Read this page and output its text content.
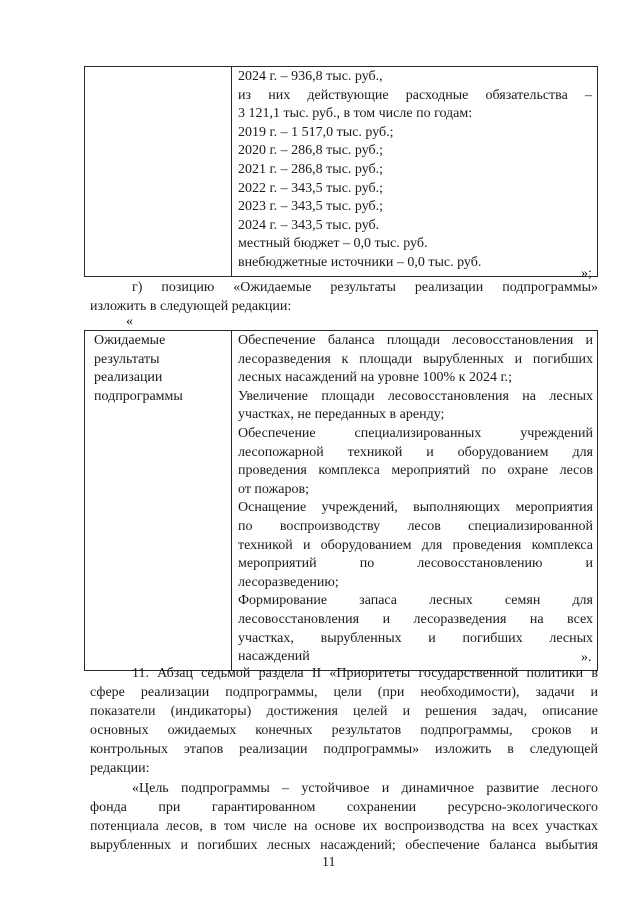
2024 г. – 936,8 тыс. руб.,
из них действующие расходные обязательства –
3 121,1 тыс. руб., в том числе по годам:
2019 г. – 1 517,0 тыс. руб.;
2020 г. – 286,8 тыс. руб.;
2021 г. – 286,8 тыс. руб.;
2022 г. – 343,5 тыс. руб.;
2023 г. – 343,5 тыс. руб.;
2024 г. – 343,5 тыс. руб.
местный бюджет – 0,0 тыс. руб.
внебюджетные источники – 0,0 тыс. руб.
»;
г) позицию «Ожидаемые результаты реализации подпрограммы»
изложить в следующей редакции:
«
Ожидаемые
результаты
реализации
подпрограммы

Обеспечение баланса площади лесовосстановления и
лесоразведения к площади вырубленных и погибших
лесных насаждений на уровне 100% к 2024 г.;
Увеличение площади лесовосстановления на лесных
участках, не переданных в аренду;
Обеспечение специализированных учреждений
лесопожарной техникой и оборудованием для
проведения комплекса мероприятий по охране лесов
от пожаров;
Оснащение учреждений, выполняющих мероприятия
по воспроизводству лесов специализированной
техникой и оборудованием для проведения комплекса
мероприятий по лесовосстановлению и
лесоразведению;
Формирование запаса лесных семян для
лесовосстановления и лесоразведения на всех
участках, вырубленных и погибших лесных
насаждений	».
11. Абзац седьмой раздела II «Приоритеты государственной политики в
сфере реализации подпрограммы, цели (при необходимости), задачи и
показатели (индикаторы) достижения целей и решения задач, описание
основных ожидаемых конечных результатов подпрограммы, сроков и
контрольных этапов реализации подпрограммы» изложить в следующей
редакции:
«Цель подпрограммы – устойчивое и динамичное развитие лесного
фонда при гарантированном сохранении ресурсно-экологического
потенциала лесов, в том числе на основе их воспроизводства на всех участках
вырубленных и погибших лесных насаждений; обеспечение баланса выбытия
11
